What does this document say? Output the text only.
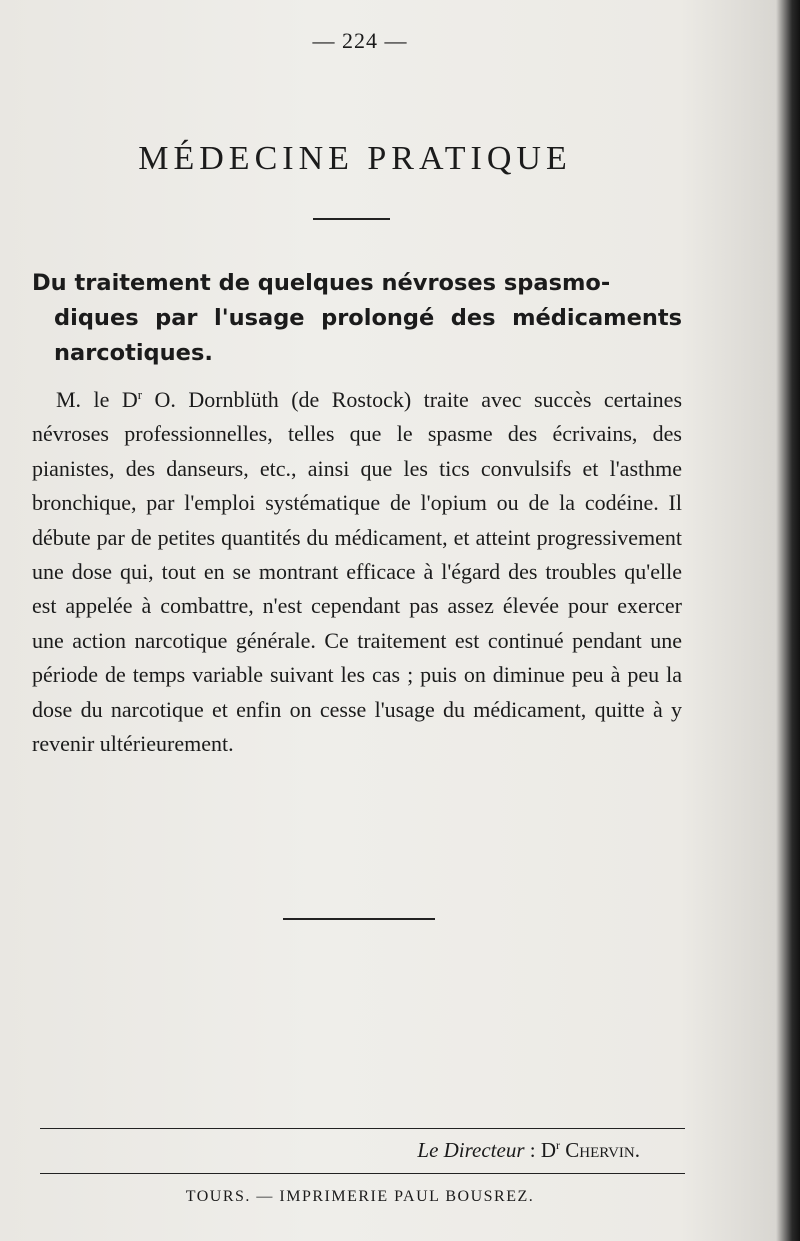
— 224 —
MÉDECINE PRATIQUE
Du traitement de quelques névroses spasmo-
diques par l'usage prolongé des médicaments narcotiques.
M. le $D^r$ O. Dornblüth (de Rostock) traite avec succès certaines névroses professionnelles, telles que le spasme des écrivains, des pianistes, des danseurs, etc., ainsi que les tics convulsifs et l'asthme bronchique, par l'emploi systématique de l'opium ou de la codéine. Il débute par de petites quantités du médicament, et atteint progressivement une dose qui, tout en se montrant efficace à l'égard des troubles qu'elle est appelée à combattre, n'est cependant pas assez élevée pour exercer une action narcotique générale. Ce traitement est continué pendant une période de temps variable suivant les cas ; puis on diminue peu à peu la dose du narcotique et enfin on cesse l'usage du médicament, quitte à y revenir ultérieurement.
Le Directeur : $D^r$ Chervin.
TOURS. — IMPRIMERIE PAUL BOUSREZ.
